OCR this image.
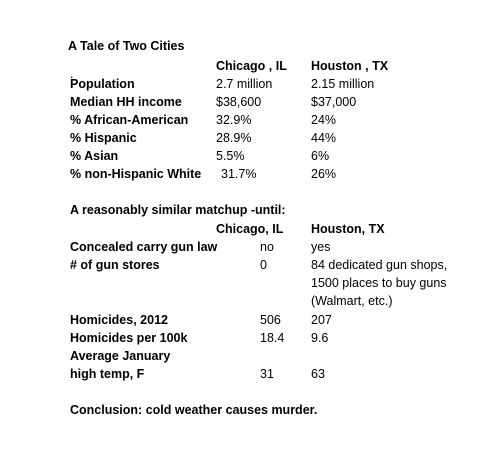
A Tale of Two Cities
Chicago , IL Houston , TX
.
Population	2.7 million	2.15 million
Median HH income	$38,600	$37,000
% African-American 32.9%	24%
% Hispanic	28.9%	44%
% Asian	5.5%	6%
% non-Hispanic White 31.7%	26%
A reasonably similar matchup -until:
Chicago, IL Houston, TX
Concealed carry gun law	no	yes
# of gun stores	0	84 dedicated gun shops,
1500 places to buy guns
(Walmart, etc.)
Homicides, 2012	506 207
Homicides per 100k	18.4 9.6
Average January
high temp, F	31	63
Conclusion: cold weather causes murder.
